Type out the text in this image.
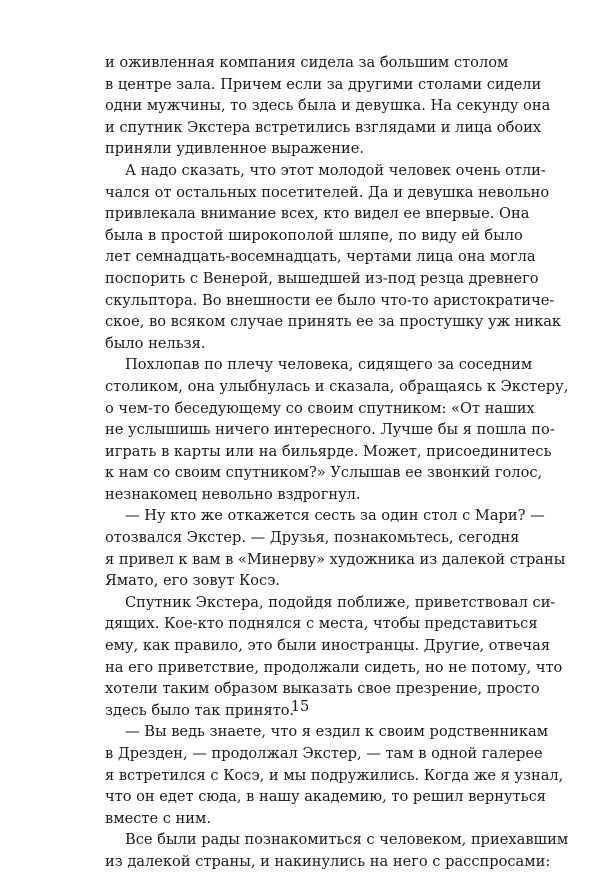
и оживленная компания сидела за большим столом
в центре зала. Причем если за другими столами сидели
одни мужчины, то здесь была и девушка. На секунду она
и спутник Экстера встретились взглядами и лица обоих
приняли удивленное выражение.
А надо сказать, что этот молодой человек очень отли-
чался от остальных посетителей. Да и девушка невольно
привлекала внимание всех, кто видел ее впервые. Она
была в простой широкополой шляпе, по виду ей было
лет семнадцать-восемнадцать, чертами лица она могла
поспорить с Венерой, вышедшей из-под резца древнего
скульптора. Во внешности ее было что-то аристократиче-
ское, во всяком случае принять ее за простушку уж никак
было нельзя.
Похлопав по плечу человека, сидящего за соседним
столиком, она улыбнулась и сказала, обращаясь к Экстеру,
о чем-то беседующему со своим спутником: «От наших
не услышишь ничего интересного. Лучше бы я пошла по-
играть в карты или на бильярде. Может, присоединитесь
к нам со своим спутником?» Услышав ее звонкий голос,
незнакомец невольно вздрогнул.
— Ну кто же откажется сесть за один стол с Мари? —
отозвался Экстер. — Друзья, познакомьтесь, сегодня
я привел к вам в «Минерву» художника из далекой страны
Ямато, его зовут Косэ.
Спутник Экстера, подойдя поближе, приветствовал си-
дящих. Кое-кто поднялся с места, чтобы представиться
ему, как правило, это были иностранцы. Другие, отвечая
на его приветствие, продолжали сидеть, но не потому, что
хотели таким образом выказать свое презрение, просто
здесь было так принято.
— Вы ведь знаете, что я ездил к своим родственникам
в Дрезден, — продолжал Экстер, — там в одной галерее
я встретился с Косэ, и мы подружились. Когда же я узнал,
что он едет сюда, в нашу академию, то решил вернуться
вместе с ним.
Все были рады познакомиться с человеком, приехавшим
из далекой страны, и накинулись на него с расспросами:
15
